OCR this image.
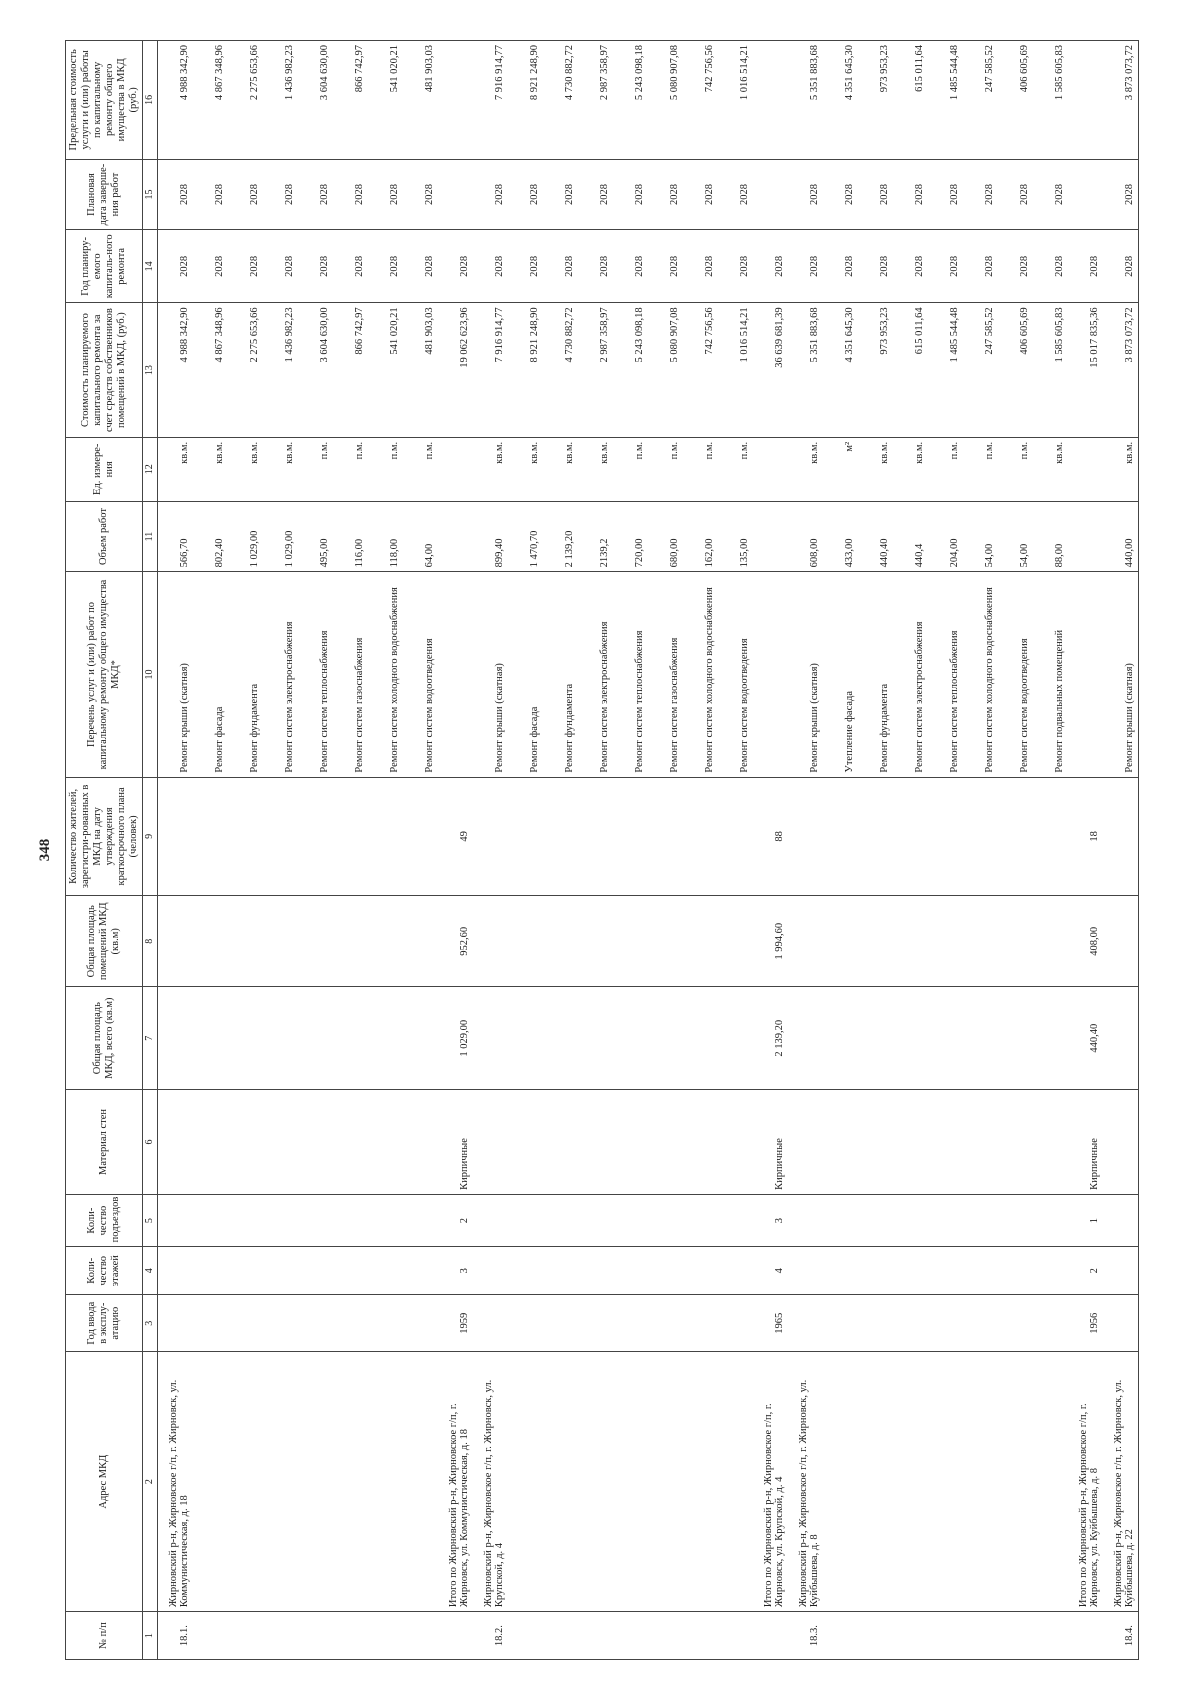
348
№ п/п	Адрес МКД	Год ввода в эксплу-атацию	Коли-чество этажей	Коли-чество подъездов	Материал стен	Общая площадь МКД, всего (кв.м)	Общая площадь помещений МКД (кв.м)	Количество жителей, зарегистри-рованных в МКД на дату утверждения краткосрочного плана (человек)	Перечень услуг и (или) работ по капитальному ремонту общего имущества МКД*	Объем работ	Ед. измере-ния	Стоимость планируемого капитального ремонта за счет средств собственников помещений в МКД, (руб.)	Год планиру-емого капиталь-ного ремонта	Плановая дата заверше-ния работ	Предельная стоимость услуги и (или) работы по капитальному ремонту общего имущества в МКД (руб.)
1	2	3	4	5	6	7	8	9	10	11	12	13	14	15	16
18.1.	Жирновский р-н, Жирновское г/п, г. Жирновск, ул. Коммунистическая, д. 18								Ремонт крыши (скатная)	566,70	кв.м.	4 988 342,90	2028	2028	4 988 342,90
									Ремонт фасада	802,40	кв.м.	4 867 348,96	2028	2028	4 867 348,96
									Ремонт фундамента	1 029,00	кв.м.	2 275 653,66	2028	2028	2 275 653,66
									Ремонт систем электроснабжения	1 029,00	кв.м.	1 436 982,23	2028	2028	1 436 982,23
									Ремонт систем теплоснабжения	495,00	п.м.	3 604 630,00	2028	2028	3 604 630,00
									Ремонт систем газоснабжения	116,00	п.м.	866 742,97	2028	2028	866 742,97
									Ремонт систем холодного водоснабжения	118,00	п.м.	541 020,21	2028	2028	541 020,21
									Ремонт систем водоотведения	64,00	п.м.	481 903,03	2028	2028	481 903,03
	Итого по Жирновский р-н, Жирновское г/п, г. Жирновск, ул. Коммунистическая, д. 18	1959	3	2	Кирпичные	1 029,00	952,60	49				19 062 623,96	2028		
18.2.	Жирновский р-н, Жирновское г/п, г. Жирновск, ул. Крупской, д. 4								Ремонт крыши (скатная)	899,40	кв.м.	7 916 914,77	2028	2028	7 916 914,77
									Ремонт фасада	1 470,70	кв.м.	8 921 248,90	2028	2028	8 921 248,90
									Ремонт фундамента	2 139,20	кв.м.	4 730 882,72	2028	2028	4 730 882,72
									Ремонт систем электроснабжения	2139,2	кв.м.	2 987 358,97	2028	2028	2 987 358,97
									Ремонт систем теплоснабжения	720,00	п.м.	5 243 098,18	2028	2028	5 243 098,18
									Ремонт систем газоснабжения	680,00	п.м.	5 080 907,08	2028	2028	5 080 907,08
									Ремонт систем холодного водоснабжения	162,00	п.м.	742 756,56	2028	2028	742 756,56
									Ремонт систем водоотведения	135,00	п.м.	1 016 514,21	2028	2028	1 016 514,21
	Итого по Жирновский р-н, Жирновское г/п, г. Жирновск, ул. Крупской, д. 4	1965	4	3	Кирпичные	2 139,20	1 994,60	88				36 639 681,39	2028		
18.3.	Жирновский р-н, Жирновское г/п, г. Жирновск, ул. Куйбышева, д. 8								Ремонт крыши (скатная)	608,00	кв.м.	5 351 883,68	2028	2028	5 351 883,68
									Утепление фасада	433,00	м²	4 351 645,30	2028	2028	4 351 645,30
									Ремонт фундамента	440,40	кв.м.	973 953,23	2028	2028	973 953,23
									Ремонт систем электроснабжения	440,4	кв.м.	615 011,64	2028	2028	615 011,64
									Ремонт систем теплоснабжения	204,00	п.м.	1 485 544,48	2028	2028	1 485 544,48
									Ремонт систем холодного водоснабжения	54,00	п.м.	247 585,52	2028	2028	247 585,52
									Ремонт систем водоотведения	54,00	п.м.	406 605,69	2028	2028	406 605,69
									Ремонт подвальных помещений	88,00	кв.м.	1 585 605,83	2028	2028	1 585 605,83
	Итого по Жирновский р-н, Жирновское г/п, г. Жирновск, ул. Куйбышева, д. 8	1956	2	1	Кирпичные	440,40	408,00	18				15 017 835,36	2028		
18.4.	Жирновский р-н, Жирновское г/п, г. Жирновск, ул. Куйбышева, д. 22								Ремонт крыши (скатная)	440,00	кв.м.	3 873 073,72	2028	2028	3 873 073,72
